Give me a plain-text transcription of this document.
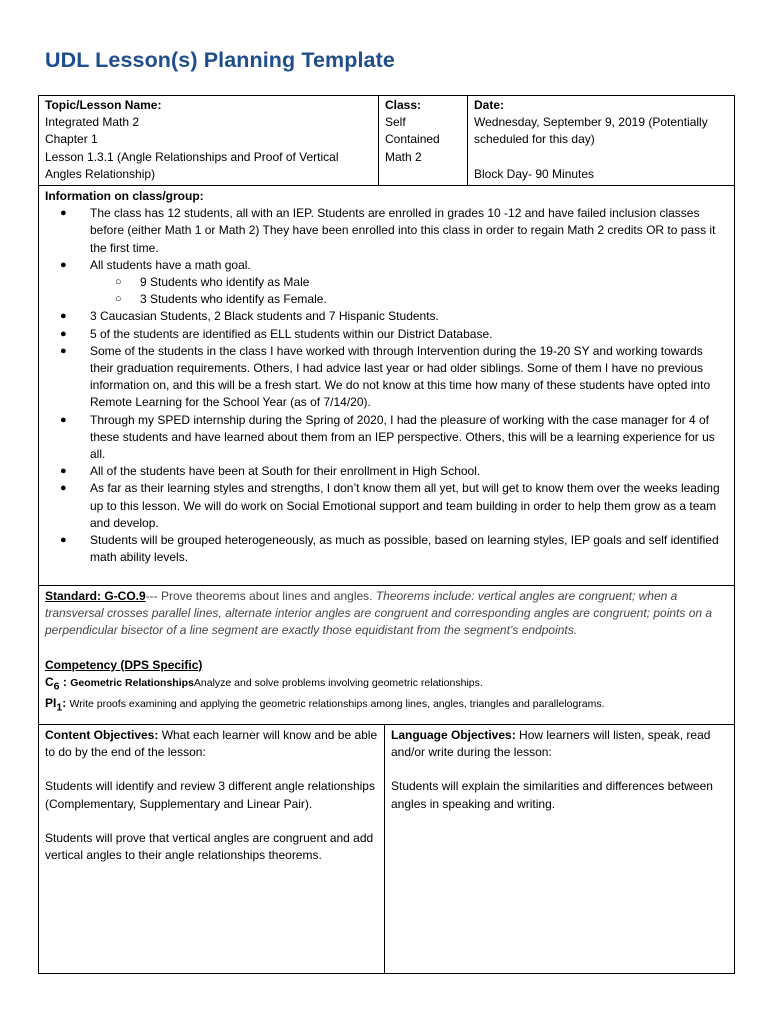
UDL Lesson(s) Planning Template
Topic/Lesson Name:
Integrated Math 2
Chapter 1
Lesson 1.3.1 (Angle Relationships and Proof of Vertical
Angles Relationship)
Class:
Self
Contained
Math 2
Date:
Wednesday, September 9, 2019 (Potentially
scheduled for this day)

Block Day- 90 Minutes
Information on class/group:
●	The class has 12 students, all with an IEP. Students are enrolled in grades 10 -12 and have failed inclusion classes before (either Math 1 or Math 2) They have been enrolled into this class in order to regain Math 2 credits OR to pass it the first time.
●	All students have a math goal.
○	9 Students who identify as Male
○	3 Students who identify as Female.
●	3 Caucasian Students, 2 Black students and 7 Hispanic Students.
●	5 of the students are identified as ELL students within our District Database.
●	Some of the students in the class I have worked with through Intervention during the 19-20 SY and working towards their graduation requirements. Others, I had advice last year or had older siblings. Some of them I have no previous information on, and this will be a fresh start. We do not know at this time how many of these students have opted into Remote Learning for the School Year (as of 7/14/20).
●	Through my SPED internship during the Spring of 2020, I had the pleasure of working with the case manager for 4 of these students and have learned about them from an IEP perspective. Others, this will be a learning experience for us all.
●	All of the students have been at South for their enrollment in High School.
●	As far as their learning styles and strengths, I don’t know them all yet, but will get to know them over the weeks leading up to this lesson. We will do work on Social Emotional support and team building in order to help them grow as a team and develop.
●	Students will be grouped heterogeneously, as much as possible, based on learning styles, IEP goals and self identified math ability levels.
Standard: G-CO.9--- Prove theorems about lines and angles. Theorems include: vertical angles are congruent; when a transversal crosses parallel lines, alternate interior angles are congruent and corresponding angles are congruent; points on a perpendicular bisector of a line segment are exactly those equidistant from the segment’s endpoints.
Competency (DPS Specific)
$C_6$ : Geometric RelationshipsAnalyze and solve problems involving geometric relationships.
$PI_1$: Write proofs examining and applying the geometric relationships among lines, angles, triangles and parallelograms.
Content Objectives: What each learner will know and be able to do by the end of the lesson:
Students will identify and review 3 different angle relationships (Complementary, Supplementary and Linear Pair).
Students will prove that vertical angles are congruent and add vertical angles to their angle relationships theorems.
Language Objectives: How learners will listen, speak, read and/or write during the lesson:
Students will explain the similarities and differences between angles in speaking and writing.
